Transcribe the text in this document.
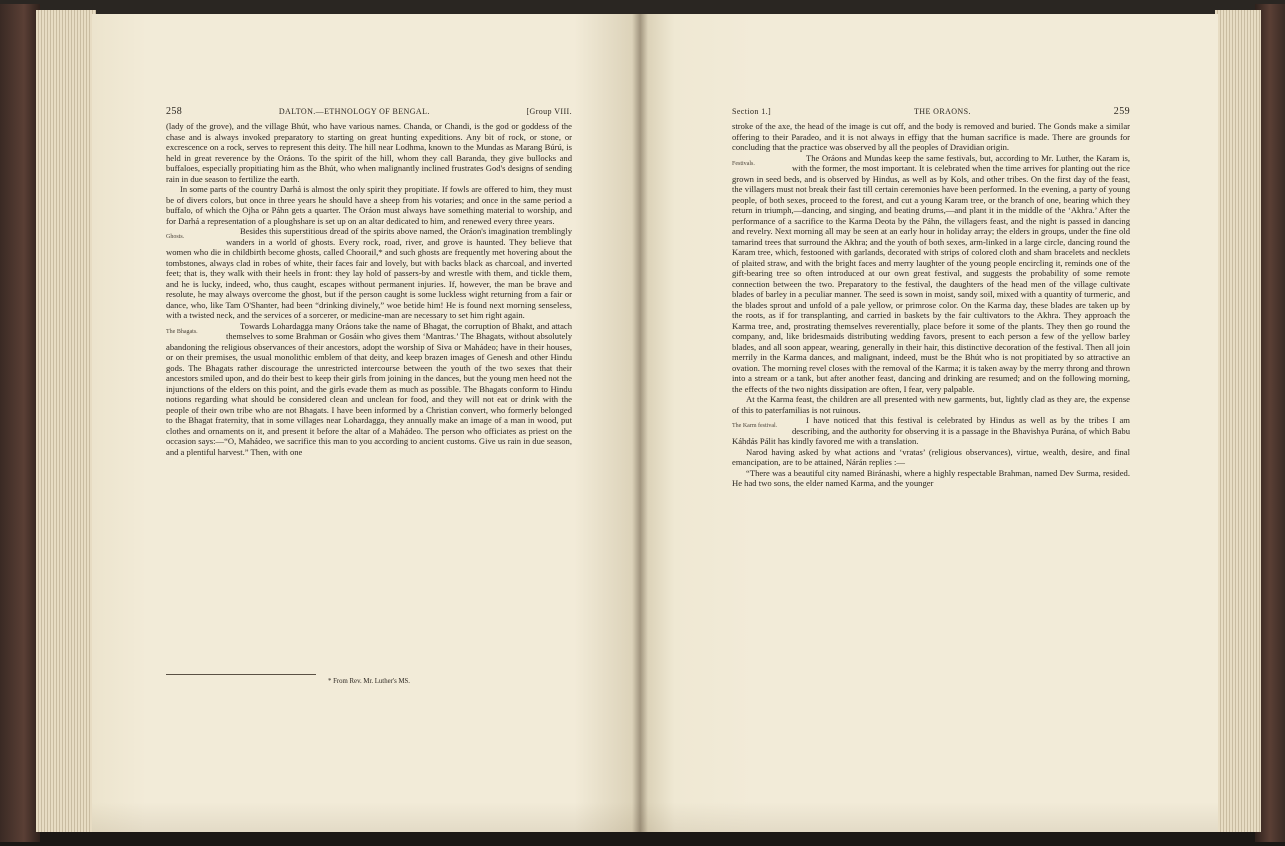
258	DALTON.—ETHNOLOGY OF BENGAL.	[Group VIII.

(lady of the grove), and the village Bhút, who have various names. Chanda, or Chandi, is the god or goddess of the chase and is always invoked preparatory to starting on great hunting expeditions. Any bit of rock, or stone, or excrescence on a rock, serves to represent this deity. The hill near Lodhma, known to the Mundas as Marang Búrú, is held in great reverence by the Oráons. To the spirit of the hill, whom they call Baranda, they give bullocks and buffaloes, especially propitiating him as the Bhút, who when malignantly inclined frustrates God's designs of sending rain in due season to fertilize the earth.

In some parts of the country Darhá is almost the only spirit they propitiate. If fowls are offered to him, they must be of divers colors, but once in three years he should have a sheep from his votaries; and once in the same period a buffalo, of which the Ojha or Páhn gets a quarter. The Oráon must always have something material to worship, and for Darhá a representation of a ploughshare is set up on an altar dedicated to him, and renewed every three years.

Ghosts.

Besides this superstitious dread of the spirits above named, the Oráon's imagination tremblingly wanders in a world of ghosts. Every rock, road, river, and grove is haunted. They believe that women who die in childbirth become ghosts, called Choorail,* and such ghosts are frequently met hovering about the tombstones, always clad in robes of white, their faces fair and lovely, but with backs black as charcoal, and inverted feet; that is, they walk with their heels in front: they lay hold of passers-by and wrestle with them, and tickle them, and he is lucky, indeed, who, thus caught, escapes without permanent injuries. If, however, the man be brave and resolute, he may always overcome the ghost, but if the person caught is some luckless wight returning from a fair or dance, who, like Tam O'Shanter, had been “drinking divinely,” woe betide him! He is found next morning senseless, with a twisted neck, and the services of a sorcerer, or medicine-man are necessary to set him right again.

The Bhagats.

Towards Lohardagga many Oráons take the name of Bhagat, the corruption of Bhakt, and attach themselves to some Brahman or Gosáin who gives them ‘Mantras.’ The Bhagats, without absolutely abandoning the religious observances of their ancestors, adopt the worship of Siva or Mahádeo; have in their houses, or on their premises, the usual monolithic emblem of that deity, and keep brazen images of Genesh and other Hindu gods. The Bhagats rather discourage the unrestricted intercourse between the youth of the two sexes that their ancestors smiled upon, and do their best to keep their girls from joining in the dances, but the young men heed not the injunctions of the elders on this point, and the girls evade them as much as possible. The Bhagats conform to Hindu notions regarding what should be considered clean and unclean for food, and they will not eat or drink with the people of their own tribe who are not Bhagats. I have been informed by a Christian convert, who formerly belonged to the Bhagat fraternity, that in some villages near Lohardagga, they annually make an image of a man in wood, put clothes and ornaments on it, and present it before the altar of a Mahádeo. The person who officiates as priest on the occasion says:—“O, Mahádeo, we sacrifice this man to you according to ancient customs. Give us rain in due season, and a plentiful harvest.” Then, with one

* From Rev. Mr. Luther's MS.
Section 1.]	THE ORAONS.	259

stroke of the axe, the head of the image is cut off, and the body is removed and buried. The Gonds make a similar offering to their Paradeo, and it is not always in effigy that the human sacrifice is made. There are grounds for concluding that the practice was observed by all the peoples of Dravidian origin.

Festivals.

The Oráons and Mundas keep the same festivals, but, according to Mr. Luther, the Karam is, with the former, the most important. It is celebrated when the time arrives for planting out the rice grown in seed beds, and is observed by Hindus, as well as by Kols, and other tribes. On the first day of the feast, the villagers must not break their fast till certain ceremonies have been performed. In the evening, a party of young people, of both sexes, proceed to the forest, and cut a young Karam tree, or the branch of one, bearing which they return in triumph,—dancing, and singing, and beating drums,—and plant it in the middle of the ‘Akhra.’ After the performance of a sacrifice to the Karma Deota by the Páhn, the villagers feast, and the night is passed in dancing and revelry. Next morning all may be seen at an early hour in holiday array; the elders in groups, under the fine old tamarind trees that surround the Akhra; and the youth of both sexes, arm-linked in a large circle, dancing round the Karam tree, which, festooned with garlands, decorated with strips of colored cloth and sham bracelets and necklets of plaited straw, and with the bright faces and merry laughter of the young people encircling it, reminds one of the gift-bearing tree so often introduced at our own great festival, and suggests the probability of some remote connection between the two. Preparatory to the festival, the daughters of the head men of the village cultivate blades of barley in a peculiar manner. The seed is sown in moist, sandy soil, mixed with a quantity of turmeric, and the blades sprout and unfold of a pale yellow, or primrose color. On the Karma day, these blades are taken up by the roots, as if for transplanting, and carried in baskets by the fair cultivators to the Akhra. They approach the Karma tree, and, prostrating themselves reverentially, place before it some of the plants. They then go round the company, and, like bridesmaids distributing wedding favors, present to each person a few of the yellow barley blades, and all soon appear, wearing, generally in their hair, this distinctive decoration of the festival. Then all join merrily in the Karma dances, and malignant, indeed, must be the Bhút who is not propitiated by so attractive an ovation. The morning revel closes with the removal of the Karma; it is taken away by the merry throng and thrown into a stream or a tank, but after another feast, dancing and drinking are resumed; and on the following morning, the effects of the two nights dissipation are often, I fear, very palpable.

At the Karma feast, the children are all presented with new garments, but, lightly clad as they are, the expense of this to paterfamilias is not ruinous.

The Karm festival.

I have noticed that this festival is celebrated by Hindus as well as by the tribes I am describing, and the authority for observing it is a passage in the Bhavishya Purána, of which Babu Káhdás Pálit has kindly favored me with a translation.

Narod having asked by what actions and ‘vratas’ (religious observances), virtue, wealth, desire, and final emancipation, are to be attained, Nárán replies :—

“There was a beautiful city named Biránashi, where a highly respectable Brahman, named Dev Surma, resided. He had two sons, the elder named Karma, and the younger
